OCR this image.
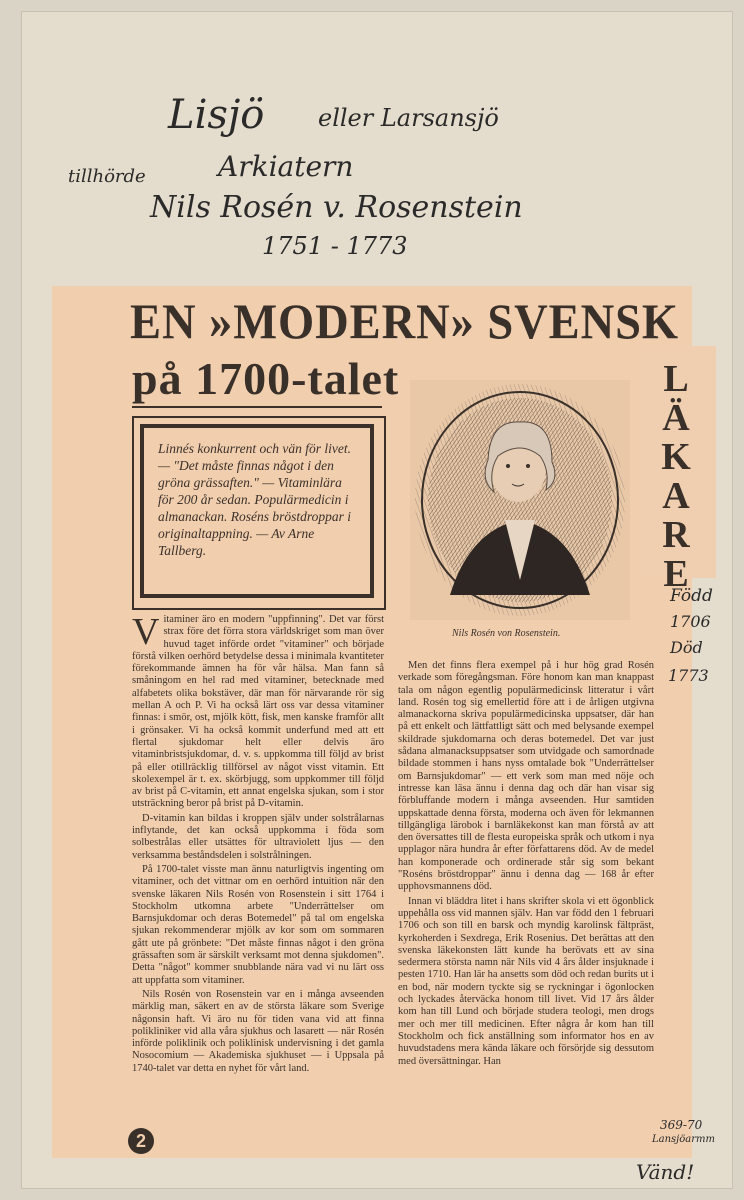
Lisjö eller Larsansjö
tillhörde	Arkiatern
Nils Rosén v. Rosenstein
1751 - 1773
EN »MODERN» SVENSK
på 1700-talet	L
Ä
K
A
R
E
Linnés konkurrent och vän för livet. — "Det måste finnas något i den gröna grässaften." — Vitaminlära för 200 år sedan. Populärmedicin i almanackan. Roséns bröstdroppar i originaltappning. — Av Arne Tallberg.
Nils Rosén von Rosenstein.

Vitaminer äro en modern "uppfinning". Det var först strax före det förra stora världskriget som man över huvud taget införde ordet "vitaminer" och började förstå vilken oerhörd betydelse dessa i minimala kvantiteter förekommande ämnen ha för vår hälsa. Man fann så småningom en hel rad med vitaminer, betecknade med alfabetets olika bokstäver, där man för närvarande rör sig mellan A och P. Vi ha också lärt oss var dessa vitaminer finnas: i smör, ost, mjölk kött, fisk, men kanske framför allt i grönsaker. Vi ha också kommit underfund med att ett flertal sjukdomar helt eller delvis äro vitaminbristsjukdomar, d. v. s. uppkomma till följd av brist på eller otillräcklig tillförsel av något visst vitamin. Ett skolexempel är t. ex. skörbjugg, som uppkommer till följd av brist på C-vitamin, ett annat engelska sjukan, som i stor utsträckning beror på brist på D-vitamin.

D-vitamin kan bildas i kroppen själv under solstrålarnas inflytande, det kan också uppkomma i föda som solbestrålas eller utsättes för ultraviolett ljus — den verksamma beståndsdelen i solstrålningen.

På 1700-talet visste man ännu naturligtvis ingenting om vitaminer, och det vittnar om en oerhörd intuition när den svenske läkaren Nils Rosén von Rosenstein i sitt 1764 i Stockholm utkomna arbete "Underrättelser om Barnsjukdomar och deras Botemedel" på tal om engelska sjukan rekommenderar mjölk av kor som om sommaren gått ute på grönbete: "Det måste finnas något i den gröna grässaften som är särskilt verksamt mot denna sjukdomen". Detta "något" kommer snubblande nära vad vi nu lärt oss att uppfatta som vitaminer.

Nils Rosén von Rosenstein var en i många avseenden märklig man, säkert en av de största läkare som Sverige någonsin haft. Vi äro nu för tiden vana vid att finna polikliniker vid alla våra sjukhus och lasarett — när Rosén införde poliklinik och poliklinisk undervisning i det gamla Nosocomium — Akademiska sjukhuset — i Uppsala på 1740-talet var detta en nyhet för vårt land.

Men det finns flera exempel på i hur hög grad Rosén verkade som föregångsman. Före honom kan man knappast tala om någon egentlig populärmedicinsk litteratur i vårt land. Rosén tog sig emellertid före att i de årligen utgivna almanackorna skriva populärmedicinska uppsatser, där han på ett enkelt och lättfattligt sätt och med belysande exempel skildrade sjukdomarna och deras botemedel. Det var just sådana almanacksuppsatser som utvidgade och samordnade bildade stommen i hans nyss omtalade bok "Underrättelser om Barnsjukdomar" — ett verk som man med nöje och intresse kan läsa ännu i denna dag och där han visar sig förbluffande modern i många avseenden. Hur samtiden uppskattade denna första, moderna och även för lekmannen tillgängliga lärobok i barnläkekonst kan man förstå av att den översattes till de flesta europeiska språk och utkom i nya upplagor nära hundra år efter författarens död. Av de medel han komponerade och ordinerade står sig som bekant "Roséns bröstdroppar" ännu i denna dag — 168 år efter upphovsmannens död.

Innan vi bläddra litet i hans skrifter skola vi ett ögonblick uppehålla oss vid mannen själv. Han var född den 1 februari 1706 och son till en barsk och myndig karolinsk fältpräst, kyrkoherden i Sexdrega, Erik Rosenius. Det berättas att den svenska läkekonsten lätt kunde ha berövats ett av sina sedermera största namn när Nils vid 4 års ålder insjuknade i pesten 1710. Han lär ha ansetts som död och redan burits ut i en bod, när modern tyckte sig se ryckningar i ögonlocken och lyckades återväcka honom till livet. Vid 17 års ålder kom han till Lund och började studera teologi, men drogs mer och mer till medicinen. Efter några år kom han till Stockholm och fick anställning som informator hos en av huvudstadens mera kända läkare och försörjde sig dessutom med översättningar. Han

2
Född
1706
Död
1773
369-70
Lansjöarmm
Vänd!
